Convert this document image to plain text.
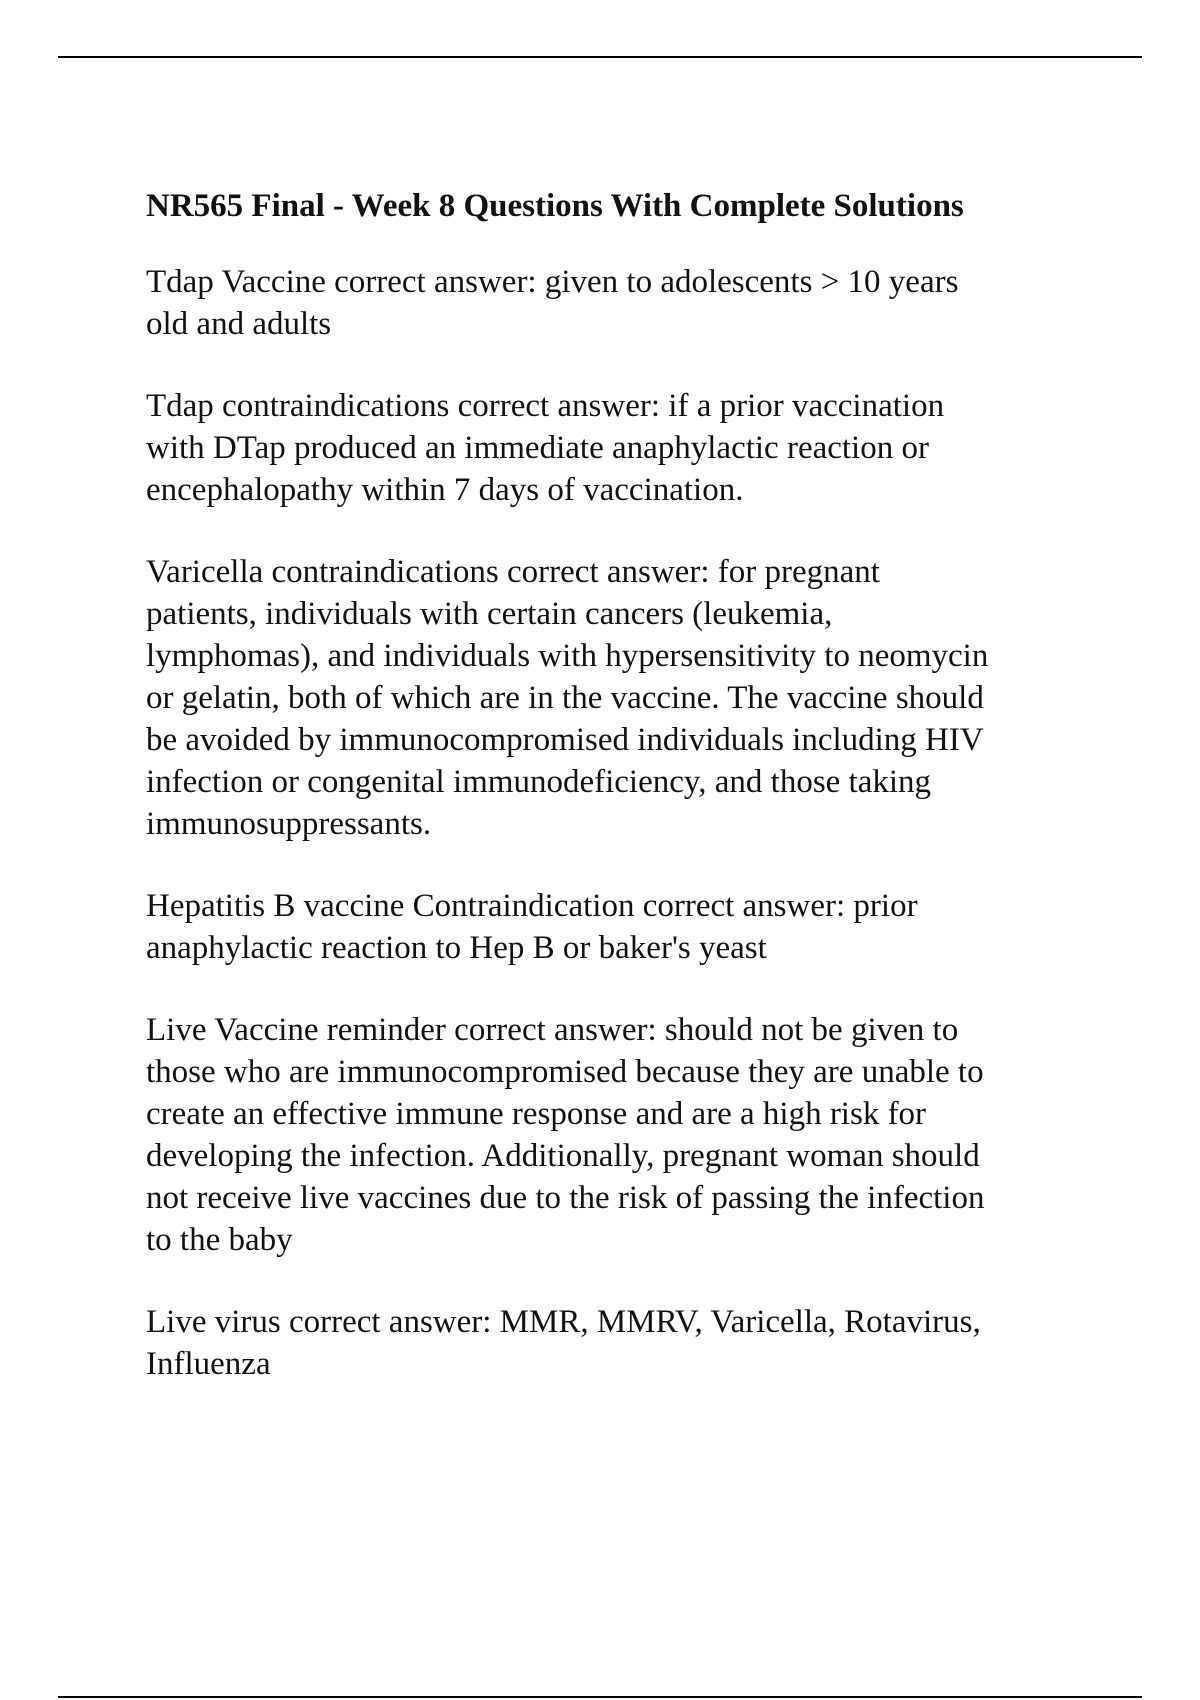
NR565 Final - Week 8 Questions With Complete Solutions

Tdap Vaccine correct answer: given to adolescents > 10 years
old and adults

Tdap contraindications correct answer: if a prior vaccination
with DTap produced an immediate anaphylactic reaction or
encephalopathy within 7 days of vaccination.

Varicella contraindications correct answer: for pregnant
patients, individuals with certain cancers (leukemia,
lymphomas), and individuals with hypersensitivity to neomycin
or gelatin, both of which are in the vaccine. The vaccine should
be avoided by immunocompromised individuals including HIV
infection or congenital immunodeficiency, and those taking
immunosuppressants.

Hepatitis B vaccine Contraindication correct answer: prior
anaphylactic reaction to Hep B or baker's yeast

Live Vaccine reminder correct answer: should not be given to
those who are immunocompromised because they are unable to
create an effective immune response and are a high risk for
developing the infection. Additionally, pregnant woman should
not receive live vaccines due to the risk of passing the infection
to the baby

Live virus correct answer: MMR, MMRV, Varicella, Rotavirus,
Influenza
